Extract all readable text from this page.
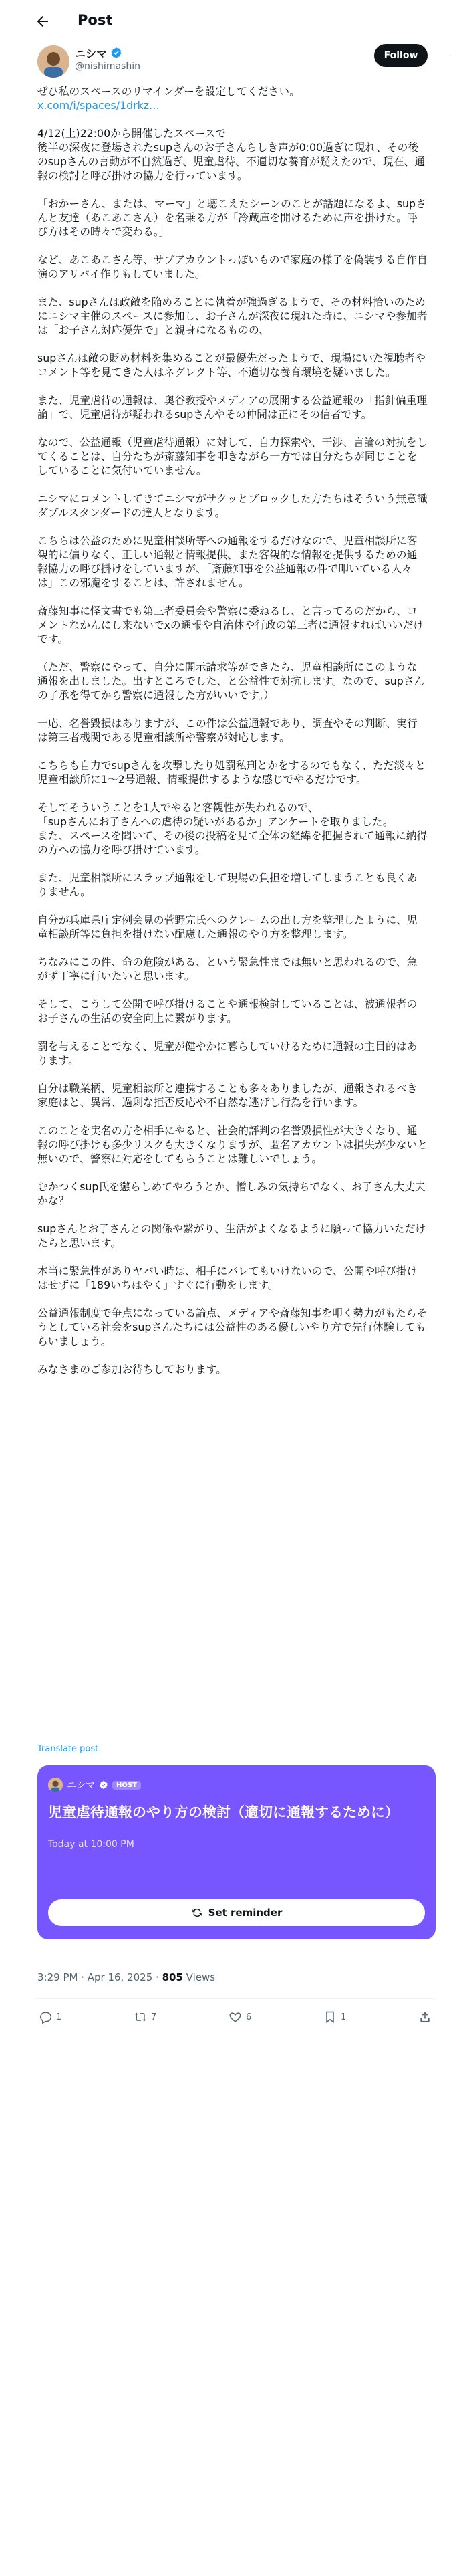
Post
ニシマ
@nishimashin
Follow

ぜひ私のスペースのリマインダーを設定してください。
x.com/i/spaces/1drkz…

4/12(土)22:00から開催したスペースで
後半の深夜に登場されたsupさんのお子さんらしき声が0:00過ぎに現れ、その後のsupさんの言動が不自然過ぎ、児童虐待、不適切な養育が疑えたので、現在、通報の検討と呼び掛けの協力を行っています。

「おかーさん、または、マーマ」と聴こえたシーンのことが話題になるよ、supさんと友達（あこあこさん）を名乗る方が「冷蔵庫を開けるために声を掛けた。呼び方はその時々で変わる。」

など、あこあこさん等、サブアカウントっぽいもので家庭の様子を偽装する自作自演のアリバイ作りもしていました。

また、supさんは政敵を陥めることに執着が強過ぎるようで、その材料拾いのためにニシマ主催のスペースに参加し、お子さんが深夜に現れた時に、ニシマや参加者は「お子さん対応優先で」と親身になるものの、

supさんは敵の貶め材料を集めることが最優先だったようで、現場にいた視聴者やコメント等を見てきた人はネグレクト等、不適切な養育環境を疑いました。

また、児童虐待の通報は、奥谷教授やメディアの展開する公益通報の「指針偏重理論」で、児童虐待が疑われるsupさんやその仲間は正にその信者です。

なので、公益通報（児童虐待通報）に対して、自力探索や、干渉、言論の対抗をしてくることは、自分たちが斎藤知事を叩きながら一方では自分たちが同じことをしていることに気付いていません。

ニシマにコメントしてきてニシマがサクッとブロックした方たちはそういう無意識ダブルスタンダードの達人となります。

こちらは公益のために児童相談所等への通報をするだけなので、児童相談所に客観的に偏りなく、正しい通報と情報提供、また客観的な情報を提供するための通報協力の呼び掛けをしていますが、「斎藤知事を公益通報の件で叩いている人々は」この邪魔をすることは、許されません。

斎藤知事に怪文書でも第三者委員会や警察に委ねるし、と言ってるのだから、コメントなかんにし来ないでxの通報や自治体や行政の第三者に通報すればいいだけです。

（ただ、警察にやって、自分に開示請求等ができたら、児童相談所にこのような通報を出しました。出すところでした、と公益性で対抗します。なので、supさんの了承を得てから警察に通報した方がいいです。）

一応、名誉毀損はありますが、この件は公益通報であり、調査やその判断、実行は第三者機関である児童相談所や警察が対応します。

こちらも自力でsupさんを攻撃したり処罰私刑とかをするのでもなく、ただ淡々と児童相談所に1〜2号通報、情報提供するような感じでやるだけです。

そしてそういうことを1人でやると客観性が失われるので、
「supさんにお子さんへの虐待の疑いがあるか」アンケートを取りました。
また、スペースを聞いて、その後の投稿を見て全体の経緯を把握されて通報に納得の方への協力を呼び掛けています。

また、児童相談所にスラップ通報をして現場の負担を増してしまうことも良くありません。

自分が兵庫県庁定例会見の菅野完氏へのクレームの出し方を整理したように、児童相談所等に負担を掛けない配慮した通報のやり方を整理します。

ちなみにこの件、命の危険がある、という緊急性までは無いと思われるので、急がず丁寧に行いたいと思います。

そして、こうして公開で呼び掛けることや通報検討していることは、被通報者のお子さんの生活の安全向上に繋がります。

罰を与えることでなく、児童が健やかに暮らしていけるために通報の主目的はあります。

自分は職業柄、児童相談所と連携することも多々ありましたが、通報されるべき家庭はと、異常、過剰な拒否反応や不自然な逃げし行為を行います。

このことを実名の方を相手にやると、社会的評判の名誉毀損性が大きくなり、通報の呼び掛けも多少リスクも大きくなりますが、匿名アカウントは損失が少ないと無いので、警察に対応をしてもらうことは難しいでしょう。

むかつくsup氏を懲らしめてやろうとか、憎しみの気持ちでなく、お子さん大丈夫かな？

supさんとお子さんとの関係や繋がり、生活がよくなるように願って協力いただけたらと思います。

本当に緊急性がありヤバい時は、相手にバレてもいけないので、公開や呼び掛けはせずに「189いちはやく」すぐに行動をします。

公益通報制度で争点になっている論点、メディアや斎藤知事を叩く勢力がもたらそうとしている社会をsupさんたちには公益性のある優しいやり方で先行体験してもらいましょう。

みなさまのご参加お待ちしております。

Translate post
ニシマ	HOST
児童虐待通報のやり方の検討（適切に通報するために）
Today at 10:00 PM
Set reminder
3:29 PM · Apr 16, 2025 · 805 Views
1	7	6	1
